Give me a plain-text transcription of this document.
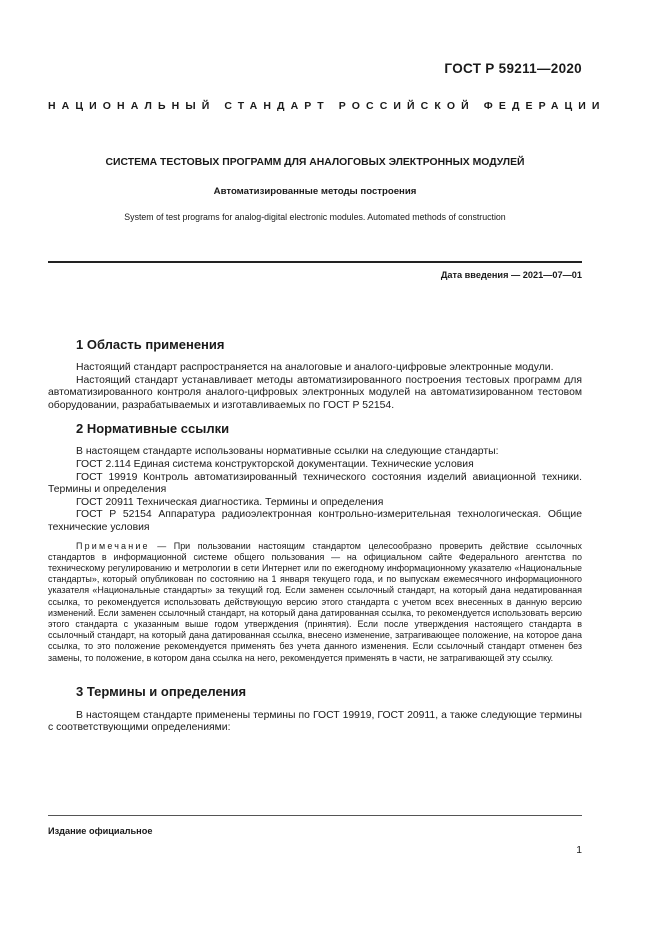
ГОСТ Р 59211—2020
НАЦИОНАЛЬНЫЙ СТАНДАРТ РОССИЙСКОЙ ФЕДЕРАЦИИ
СИСТЕМА ТЕСТОВЫХ ПРОГРАММ ДЛЯ АНАЛОГОВЫХ ЭЛЕКТРОННЫХ МОДУЛЕЙ
Автоматизированные методы построения
System of test programs for analog-digital electronic modules. Automated methods of construction
Дата введения — 2021—07—01
1 Область применения

Настоящий стандарт распространяется на аналоговые и аналого-цифровые электронные модули.

Настоящий стандарт устанавливает методы автоматизированного построения тестовых программ для автоматизированного контроля аналого-цифровых электронных модулей на автоматизированном тестовом оборудовании, разрабатываемых и изготавливаемых по ГОСТ Р 52154.

2 Нормативные ссылки

В настоящем стандарте использованы нормативные ссылки на следующие стандарты:

ГОСТ 2.114 Единая система конструкторской документации. Технические условия

ГОСТ 19919 Контроль автоматизированный технического состояния изделий авиационной техники. Термины и определения

ГОСТ 20911 Техническая диагностика. Термины и определения

ГОСТ Р 52154 Аппаратура радиоэлектронная контрольно-измерительная технологическая. Общие технические условия

Примечание — При пользовании настоящим стандартом целесообразно проверить действие ссылочных стандартов в информационной системе общего пользования — на официальном сайте Федерального агентства по техническому регулированию и метрологии в сети Интернет или по ежегодному информационному указателю «Национальные стандарты», который опубликован по состоянию на 1 января текущего года, и по выпускам ежемесячного информационного указателя «Национальные стандарты» за текущий год. Если заменен ссылочный стандарт, на который дана недатированная ссылка, то рекомендуется использовать действующую версию этого стандарта с учетом всех внесенных в данную версию изменений. Если заменен ссылочный стандарт, на который дана датированная ссылка, то рекомендуется использовать версию этого стандарта с указанным выше годом утверждения (принятия). Если после утверждения настоящего стандарта в ссылочный стандарт, на который дана датированная ссылка, внесено изменение, затрагивающее положение, на которое дана ссылка, то это положение рекомендуется применять без учета данного изменения. Если ссылочный стандарт отменен без замены, то положение, в котором дана ссылка на него, рекомендуется применять в части, не затрагивающей эту ссылку.
3 Термины и определения

В настоящем стандарте применены термины по ГОСТ 19919, ГОСТ 20911, а также следующие термины с соответствующими определениями:

Издание официальное
1
